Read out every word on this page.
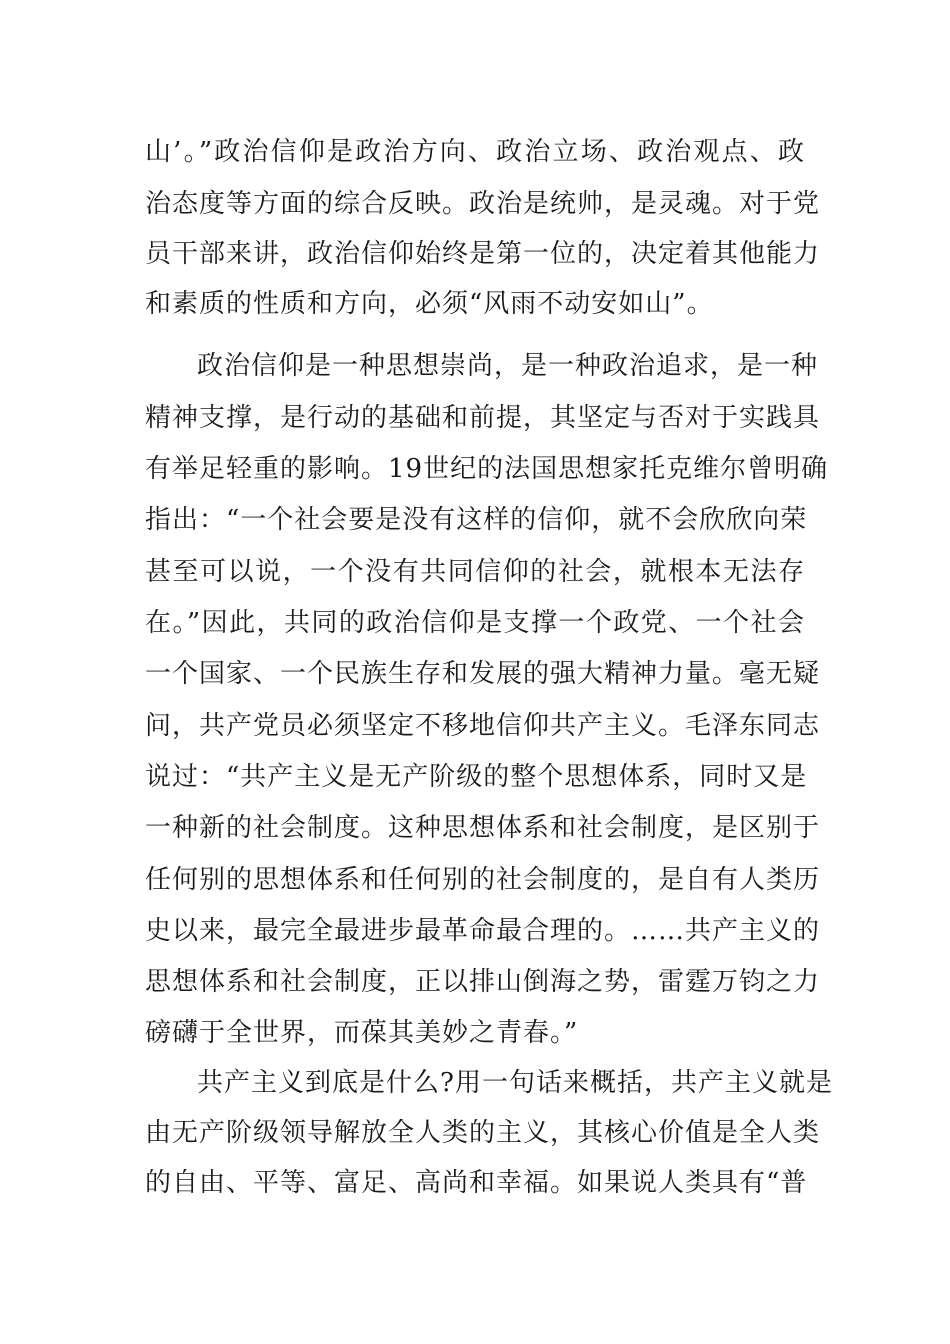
山’。”政治信仰是政治方向、政治立场、政治观点、政
治态度等方面的综合反映。政治是统帅，是灵魂。对于党
员干部来讲，政治信仰始终是第一位的，决定着其他能力
和素质的性质和方向，必须“风雨不动安如山”。
政治信仰是一种思想崇尚，是一种政治追求，是一种
精神支撑，是行动的基础和前提，其坚定与否对于实践具
有举足轻重的影响。19世纪的法国思想家托克维尔曾明确
指出：“一个社会要是没有这样的信仰，就不会欣欣向荣
甚至可以说，一个没有共同信仰的社会，就根本无法存
在。”因此，共同的政治信仰是支撑一个政党、一个社会
一个国家、一个民族生存和发展的强大精神力量。毫无疑
问，共产党员必须坚定不移地信仰共产主义。毛泽东同志
说过：“共产主义是无产阶级的整个思想体系，同时又是
一种新的社会制度。这种思想体系和社会制度，是区别于
任何别的思想体系和任何别的社会制度的，是自有人类历
史以来，最完全最进步最革命最合理的。……共产主义的
思想体系和社会制度，正以排山倒海之势，雷霆万钧之力
磅礴于全世界，而葆其美妙之青春。”
共产主义到底是什么?用一句话来概括，共产主义就是
由无产阶级领导解放全人类的主义，其核心价值是全人类
的自由、平等、富足、高尚和幸福。如果说人类具有“普
